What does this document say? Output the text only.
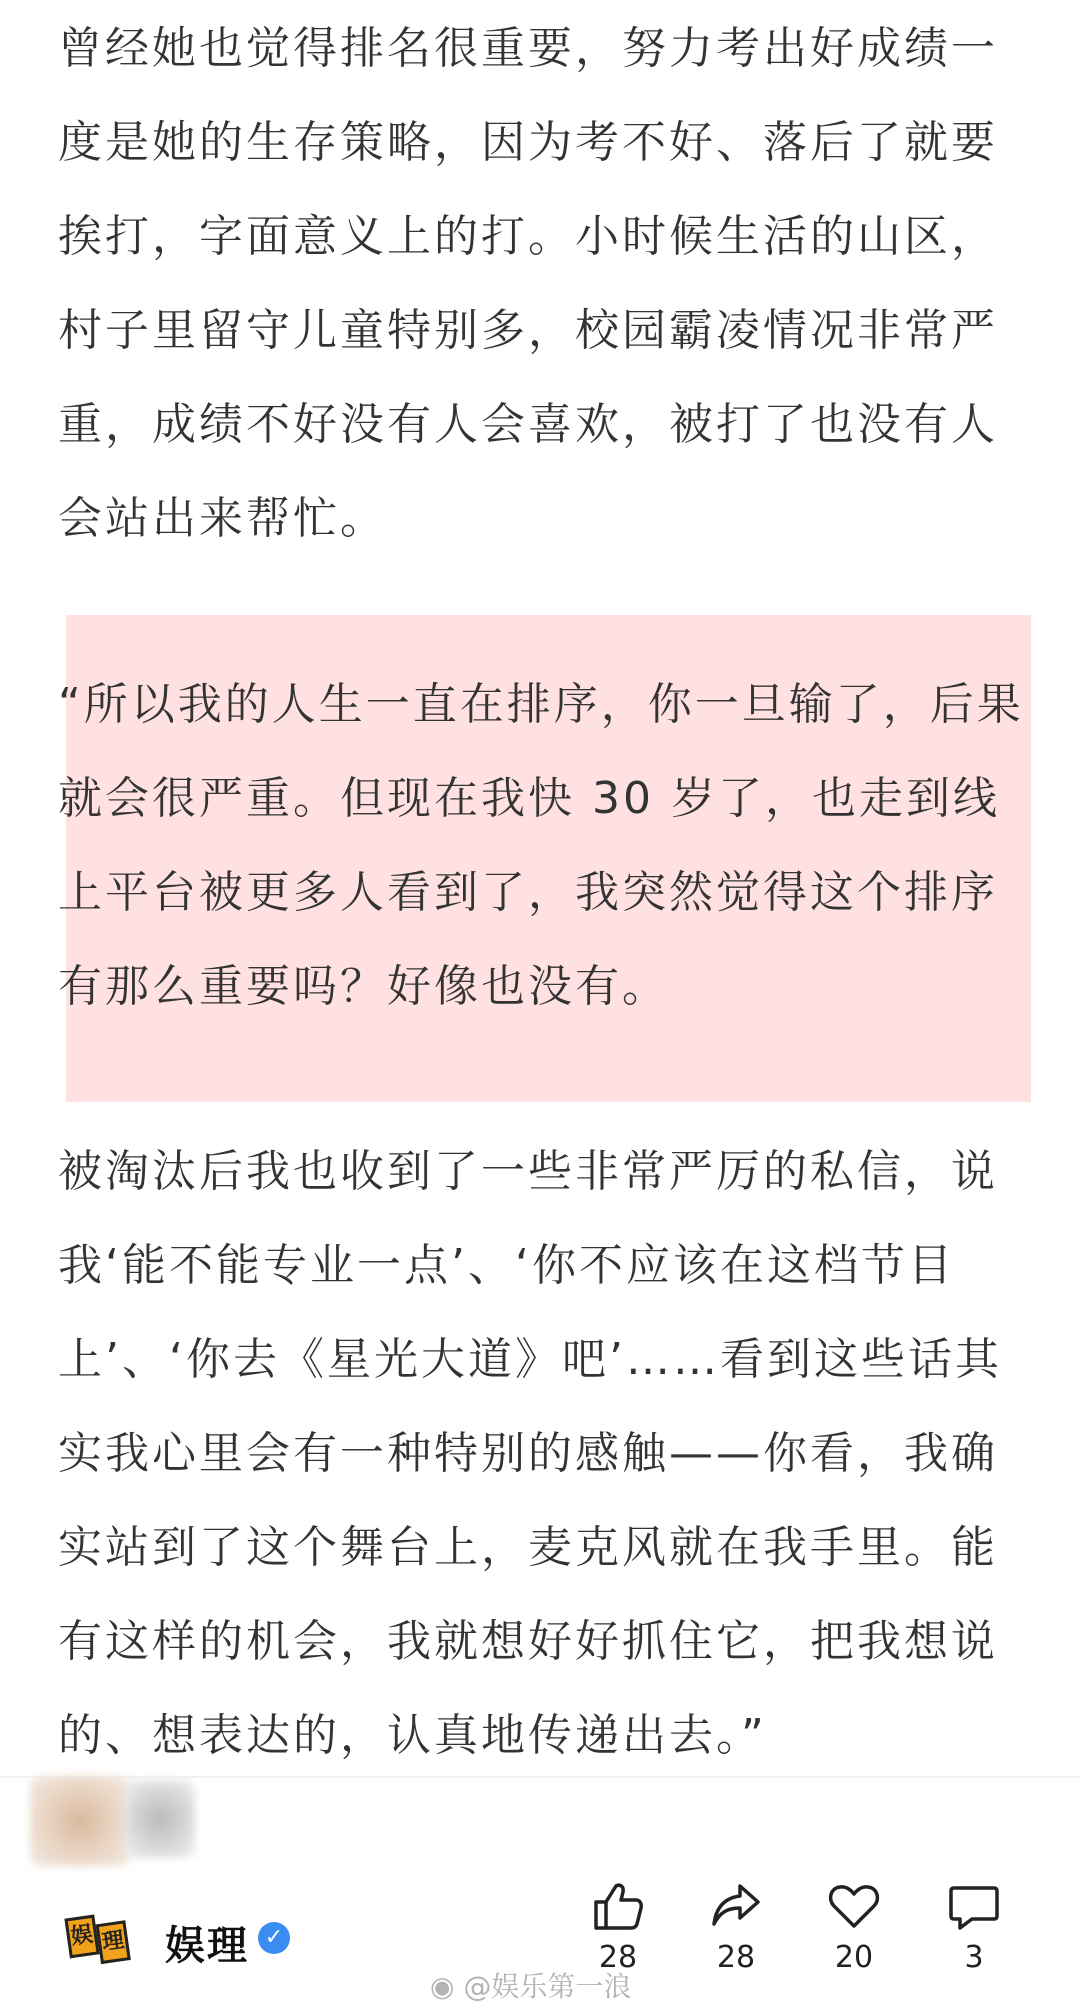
曾经她也觉得排名很重要，努力考出好成绩一度是她的生存策略，因为考不好、落后了就要挨打，字面意义上的打。小时候生活的山区，村子里留守儿童特别多，校园霸凌情况非常严重，成绩不好没有人会喜欢，被打了也没有人会站出来帮忙。

“所以我的人生一直在排序，你一旦输了，后果就会很严重。但现在我快 30 岁了，也走到线上平台被更多人看到了，我突然觉得这个排序有那么重要吗？好像也没有。

被淘汰后我也收到了一些非常严厉的私信，说我‘能不能专业一点’、‘你不应该在这档节目上’、‘你去《星光大道》吧’……看到这些话其实我心里会有一种特别的感触——你看，我确实站到了这个舞台上，麦克风就在我手里。能有这样的机会，我就想好好抓住它，把我想说的、想表达的，认真地传递出去。”

娱 理 娱理 ✓
28	28	20	3
◉ @娱乐第一浪
